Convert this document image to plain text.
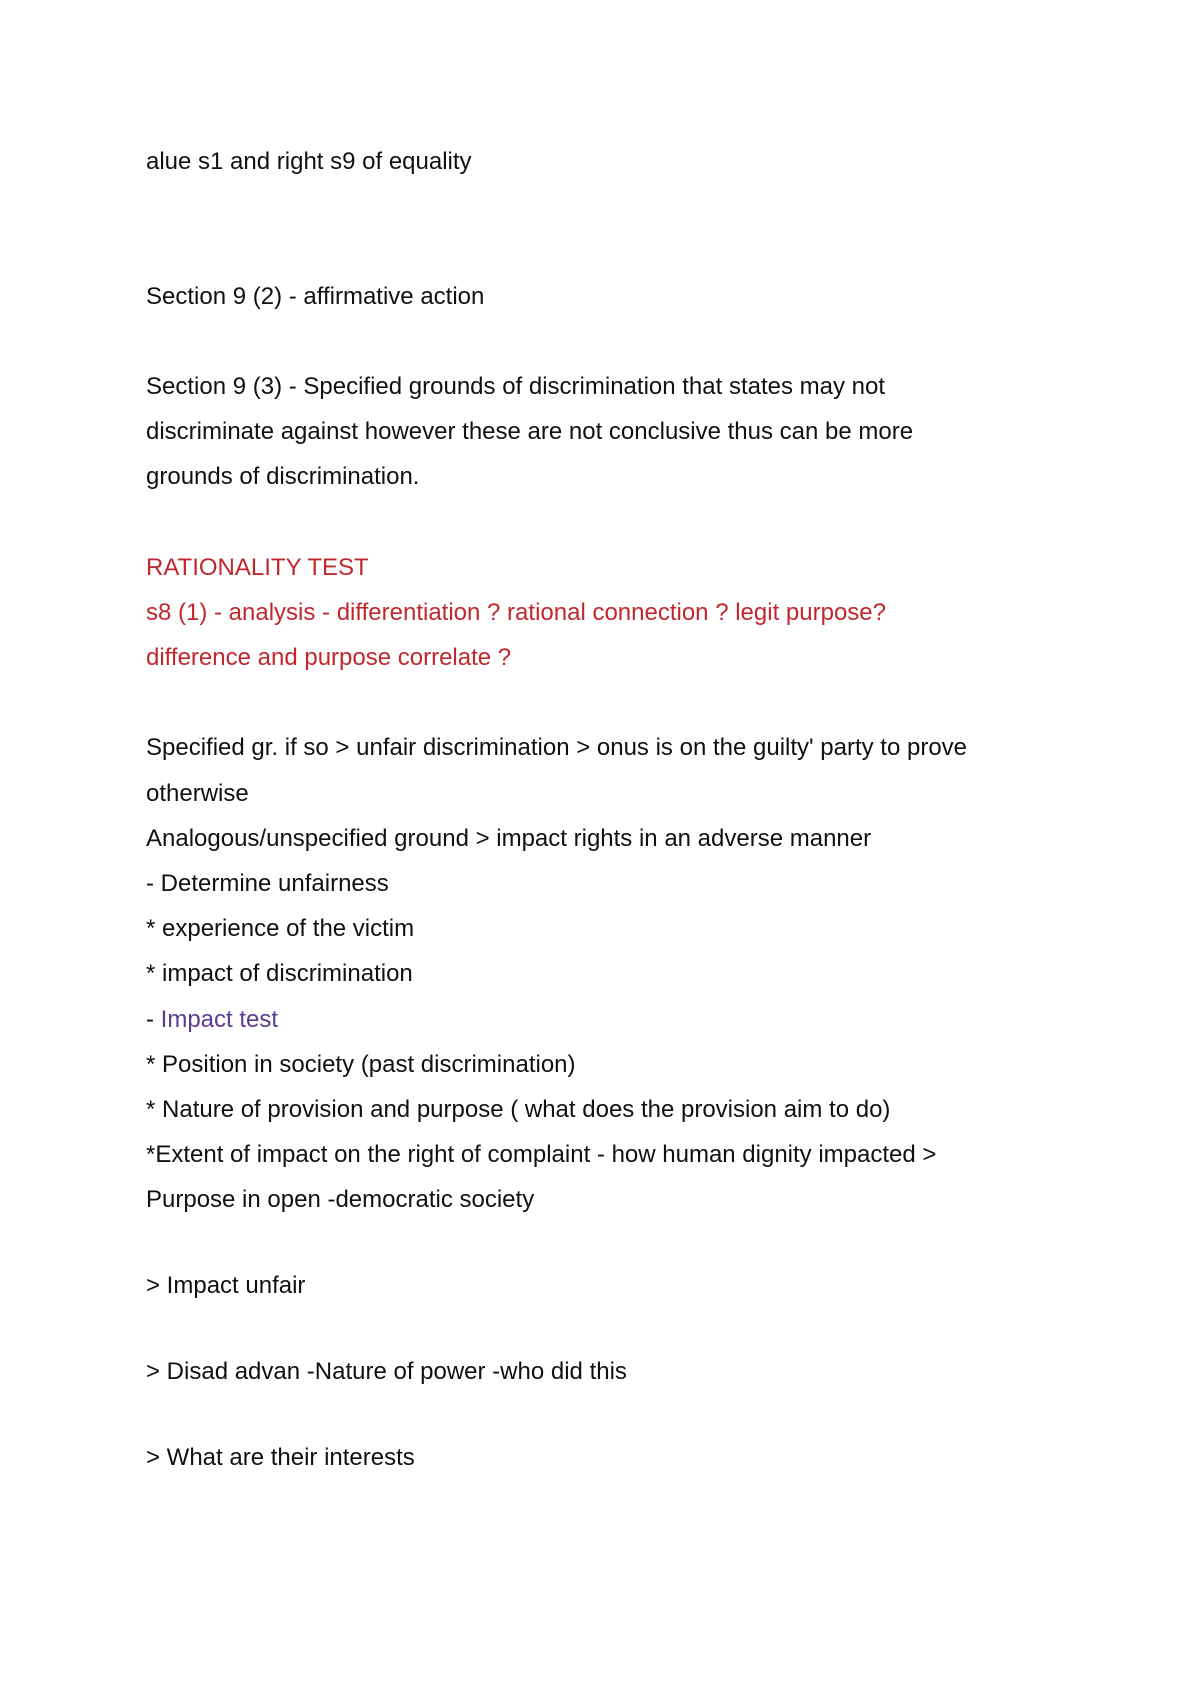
alue s1 and right s9 of equality
Section 9 (2) - affirmative action
Section 9 (3) - Specified grounds of discrimination that states may not
discriminate against however these are not conclusive thus can be more
grounds of discrimination.
RATIONALITY TEST
s8 (1) - analysis - differentiation ? rational connection ? legit purpose?
difference and purpose correlate ?
Specified gr. if so > unfair discrimination > onus is on the guilty' party to prove
otherwise
Analogous/unspecified ground > impact rights in an adverse manner
- Determine unfairness
* experience of the victim
* impact of discrimination
- Impact test
* Position in society (past discrimination)
* Nature of provision and purpose ( what does the provision aim to do)
*Extent of impact on the right of complaint - how human dignity impacted >
Purpose in open -democratic society
> Impact unfair
> Disad advan -Nature of power -who did this
> What are their interests
